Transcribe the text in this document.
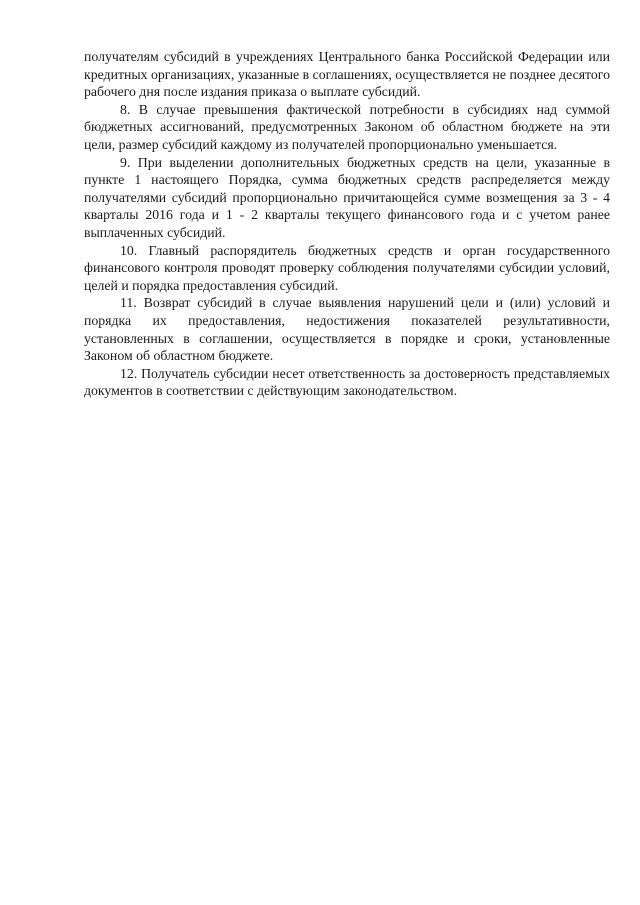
получателям субсидий в учреждениях Центрального банка Российской Федерации или кредитных организациях, указанные в соглашениях, осуществляется не позднее десятого рабочего дня после издания приказа о выплате субсидий.

8. В случае превышения фактической потребности в субсидиях над суммой бюджетных ассигнований, предусмотренных Законом об областном бюджете на эти цели, размер субсидий каждому из получателей пропорционально уменьшается.

9. При выделении дополнительных бюджетных средств на цели, указанные в пункте 1 настоящего Порядка, сумма бюджетных средств распределяется между получателями субсидий пропорционально причитающейся сумме возмещения за 3 - 4 кварталы 2016 года и 1 - 2 кварталы текущего финансового года и с учетом ранее выплаченных субсидий.

10. Главный распорядитель бюджетных средств и орган государственного финансового контроля проводят проверку соблюдения получателями субсидии условий, целей и порядка предоставления субсидий.

11. Возврат субсидий в случае выявления нарушений цели и (или) условий и порядка их предоставления, недостижения показателей результативности, установленных в соглашении, осуществляется в порядке и сроки, установленные Законом об областном бюджете.

12. Получатель субсидии несет ответственность за достоверность представляемых документов в соответствии с действующим законодательством.
